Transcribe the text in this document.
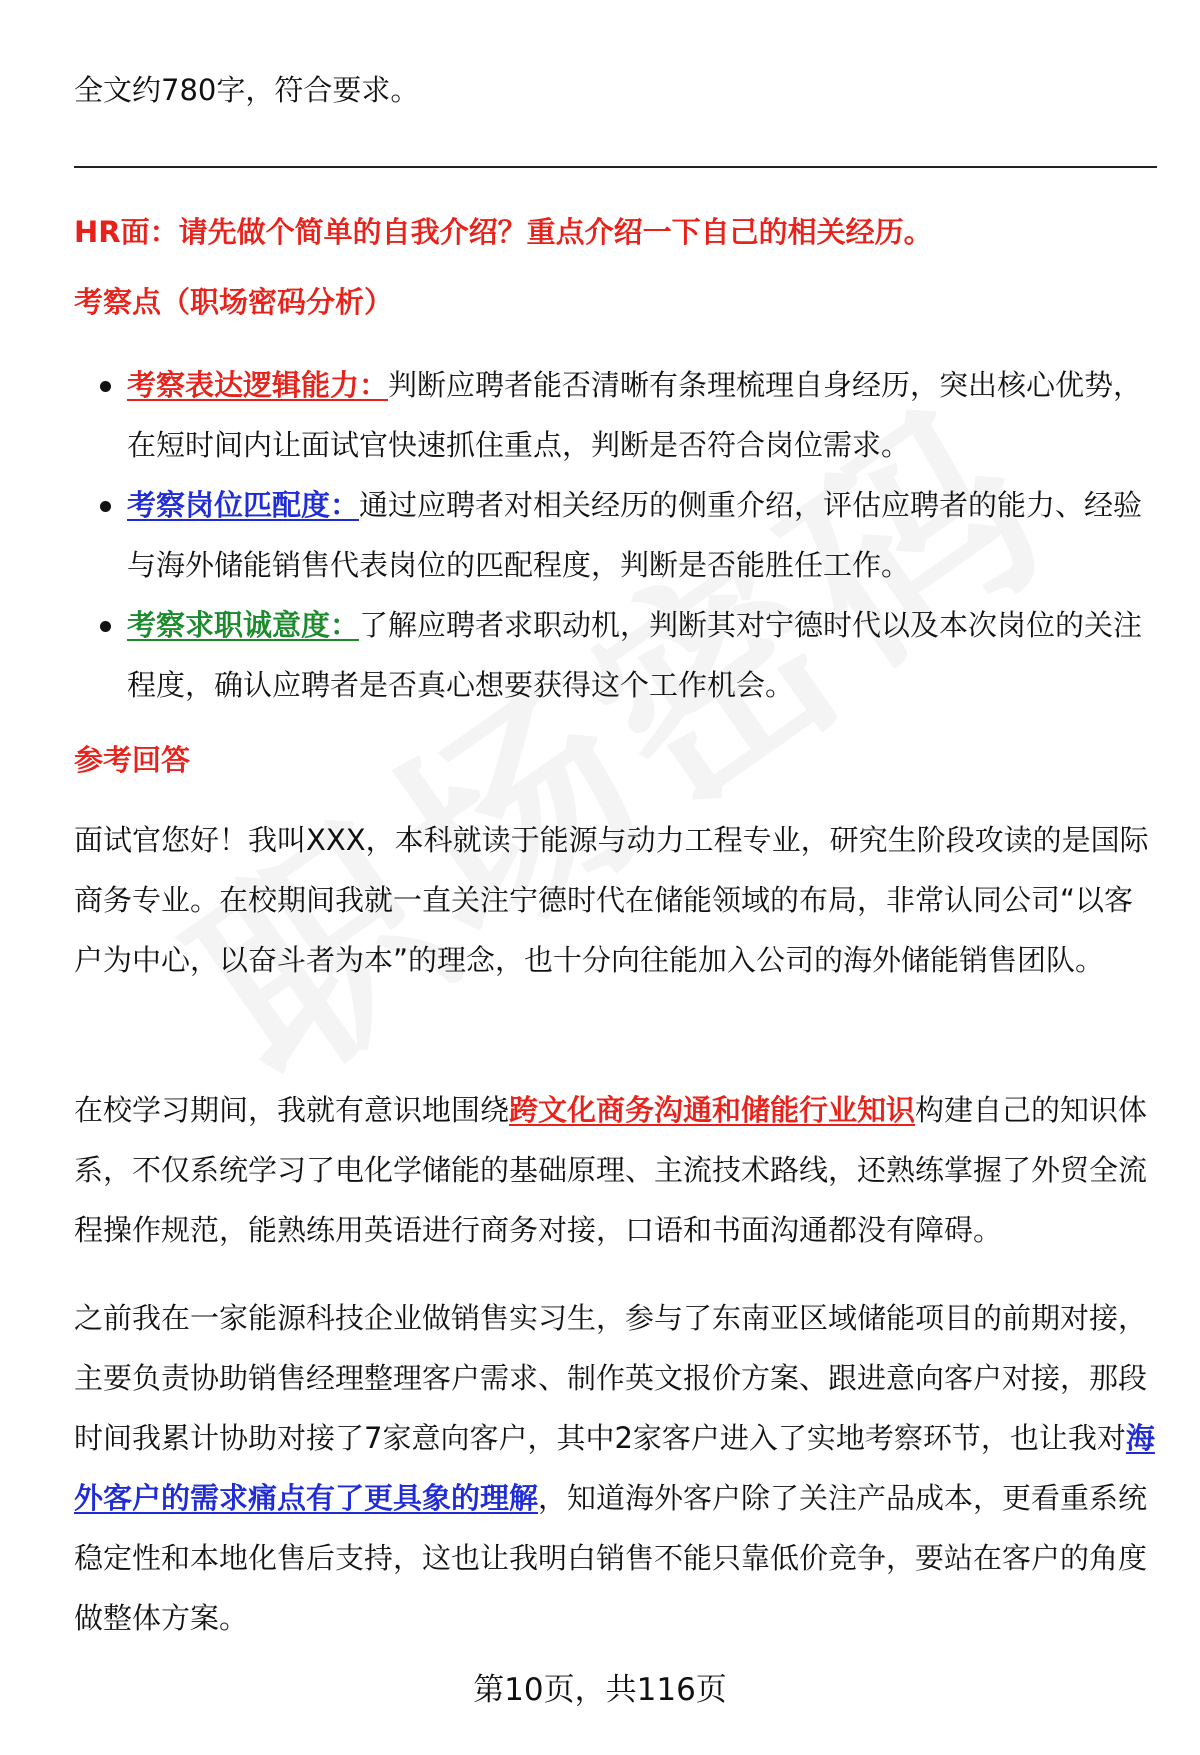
全文约780字，符合要求。

HR面：请先做个简单的自我介绍？重点介绍一下自己的相关经历。
考察点（职场密码分析）
考察表达逻辑能力：判断应聘者能否清晰有条理梳理自身经历，突出核心优势，在短时间内让面试官快速抓住重点，判断是否符合岗位需求。
考察岗位匹配度：通过应聘者对相关经历的侧重介绍，评估应聘者的能力、经验与海外储能销售代表岗位的匹配程度，判断是否能胜任工作。
考察求职诚意度：了解应聘者求职动机，判断其对宁德时代以及本次岗位的关注程度，确认应聘者是否真心想要获得这个工作机会。
参考回答

面试官您好！我叫XXX，本科就读于能源与动力工程专业，研究生阶段攻读的是国际商务专业。在校期间我就一直关注宁德时代在储能领域的布局，非常认同公司“以客户为中心，以奋斗者为本”的理念，也十分向往能加入公司的海外储能销售团队。

在校学习期间，我就有意识地围绕跨文化商务沟通和储能行业知识构建自己的知识体系，不仅系统学习了电化学储能的基础原理、主流技术路线，还熟练掌握了外贸全流程操作规范，能熟练用英语进行商务对接，口语和书面沟通都没有障碍。

之前我在一家能源科技企业做销售实习生，参与了东南亚区域储能项目的前期对接，主要负责协助销售经理整理客户需求、制作英文报价方案、跟进意向客户对接，那段时间我累计协助对接了7家意向客户，其中2家客户进入了实地考察环节，也让我对海外客户的需求痛点有了更具象的理解，知道海外客户除了关注产品成本，更看重系统稳定性和本地化售后支持，这也让我明白销售不能只靠低价竞争，要站在客户的角度做整体方案。

第10页，共116页
